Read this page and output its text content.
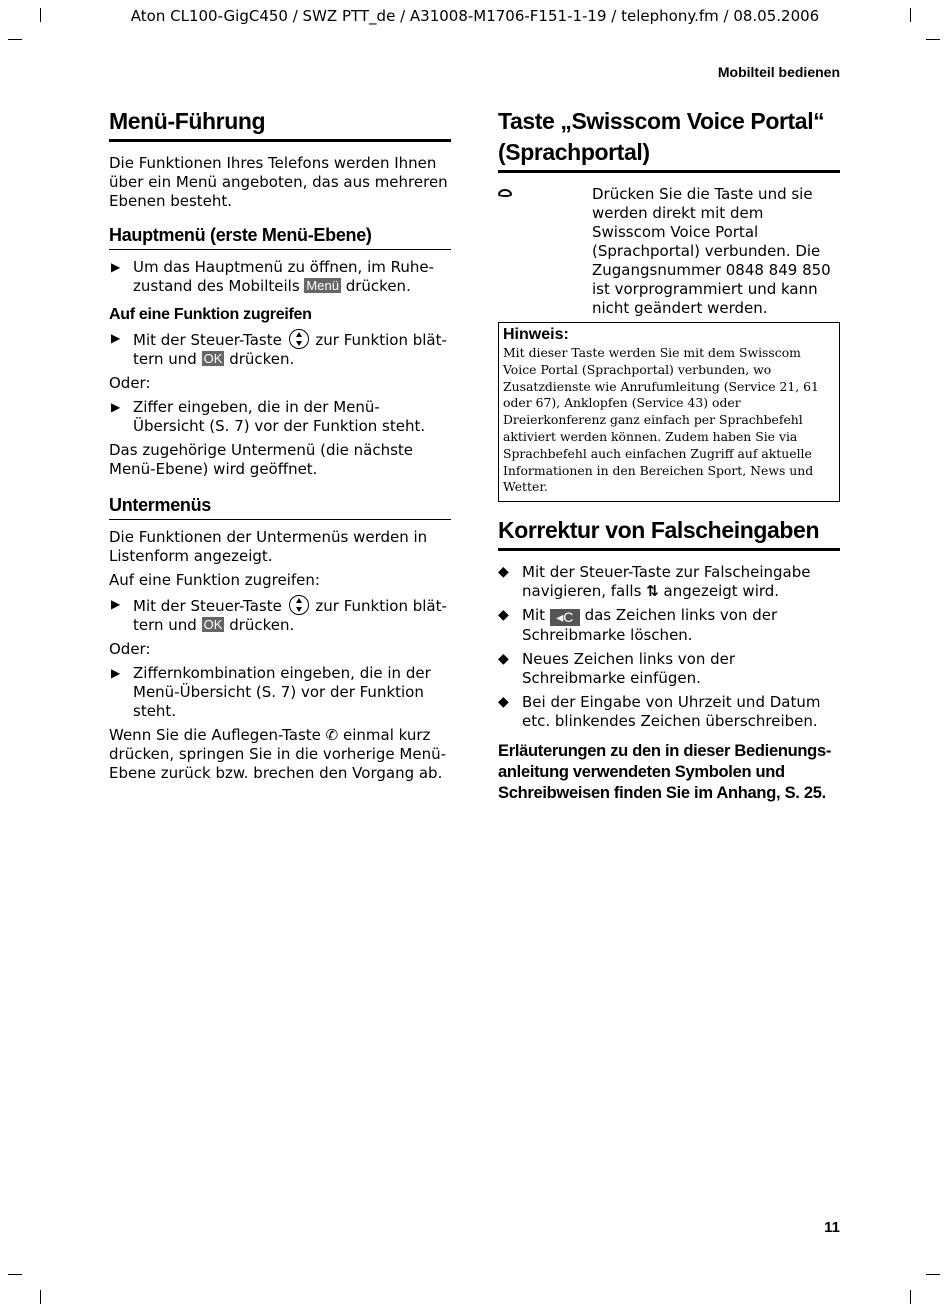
Aton CL100-GigC450 / SWZ PTT_de / A31008-M1706-F151-1-19 / telephony.fm / 08.05.2006
Mobilteil bedienen
11
Menü-Führung
Die Funktionen Ihres Telefons werden Ihnen über ein Menü angeboten, das aus mehreren Ebenen besteht.
Hauptmenü (erste Menü-Ebene)
▶ Um das Hauptmenü zu öffnen, im Ruhezustand des Mobilteils Menü drücken.
Auf eine Funktion zugreifen
▶ Mit der Steuer-Taste zur Funktion blättern und OK drücken.
Oder:
▶ Ziffer eingeben, die in der Menü-Übersicht (S. 7) vor der Funktion steht.
Das zugehörige Untermenü (die nächste Menü-Ebene) wird geöffnet.
Untermenüs
Die Funktionen der Untermenüs werden in Listenform angezeigt.
Auf eine Funktion zugreifen:
▶ Mit der Steuer-Taste zur Funktion blättern und OK drücken.
Oder:
▶ Ziffernkombination eingeben, die in der Menü-Übersicht (S. 7) vor der Funktion steht.
Wenn Sie die Auflegen-Taste ✆ einmal kurz drücken, springen Sie in die vorherige Menü-Ebene zurück bzw. brechen den Vorgang ab.
Taste „Swisscom Voice Portal“ (Sprachportal)
Drücken Sie die Taste und sie werden direkt mit dem Swisscom Voice Portal (Sprachportal) verbunden. Die Zugangsnummer 0848 849 850 ist vorprogrammiert und kann nicht geändert werden.
Hinweis:
Mit dieser Taste werden Sie mit dem Swisscom Voice Portal (Sprachportal) verbunden, wo Zusatzdienste wie Anrufumleitung (Service 21, 61 oder 67), Anklopfen (Service 43) oder Dreierkonferenz ganz einfach per Sprachbefehl aktiviert werden können. Zudem haben Sie via Sprachbefehl auch einfachen Zugriff auf aktuelle Informationen in den Bereichen Sport, News und Wetter.
Korrektur von Falscheingaben
◆ Mit der Steuer-Taste zur Falscheingabe navigieren, falls ⇅ angezeigt wird.
◆ Mit ◂C das Zeichen links von der Schreibmarke löschen.
◆ Neues Zeichen links von der Schreibmarke einfügen.
◆ Bei der Eingabe von Uhrzeit und Datum etc. blinkendes Zeichen überschreiben.
Erläuterungen zu den in dieser Bedienungsanleitung verwendeten Symbolen und Schreibweisen finden Sie im Anhang, S. 25.
